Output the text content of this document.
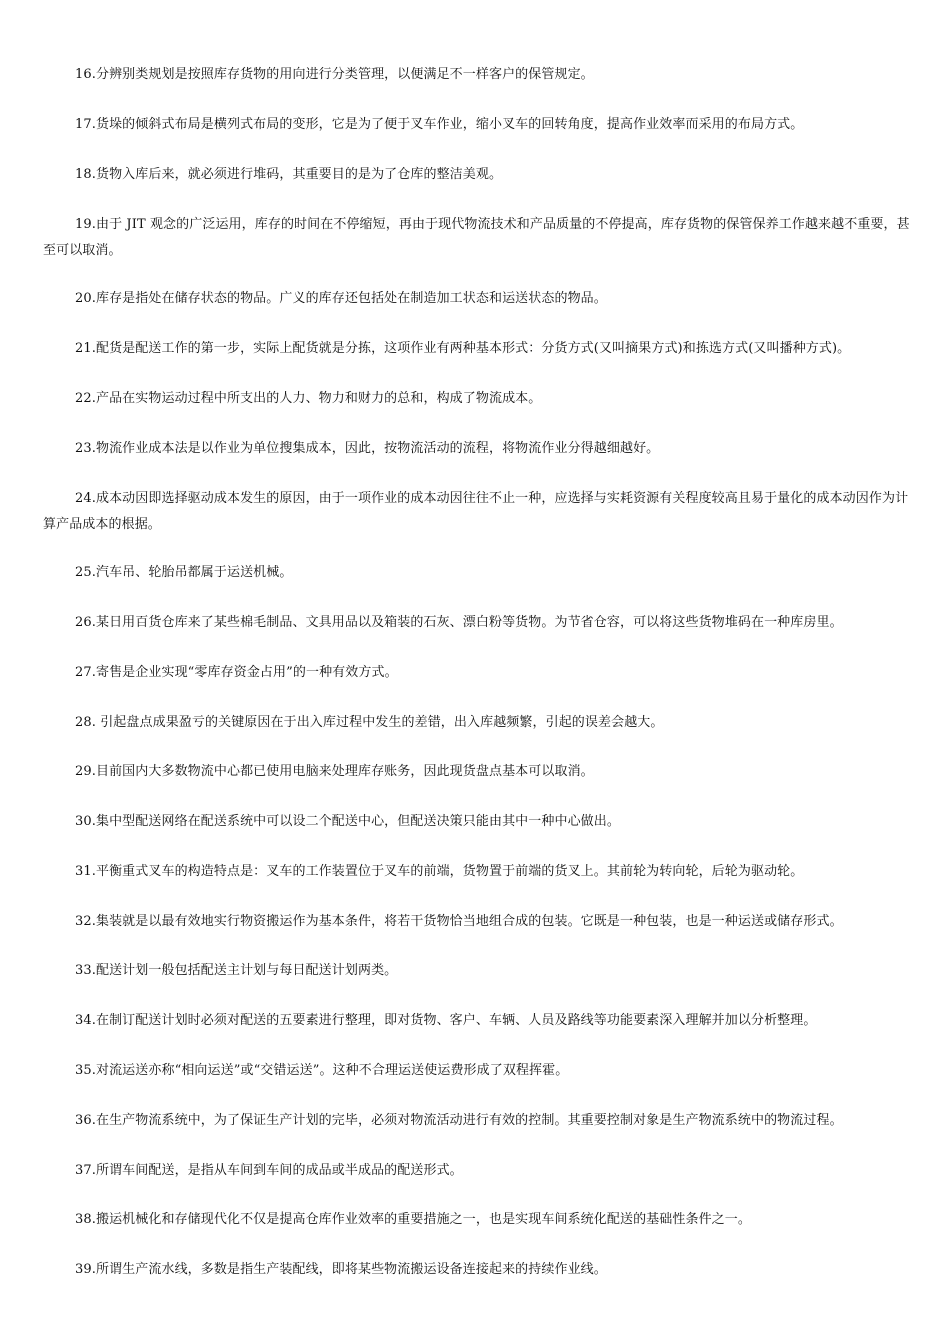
16.分辨别类规划是按照库存货物的用向进行分类管理，以便满足不一样客户的保管规定。

17.货垛的倾斜式布局是横列式布局的变形，它是为了便于叉车作业，缩小叉车的回转角度，提高作业效率而采用的布局方式。

18.货物入库后来，就必须进行堆码，其重要目的是为了仓库的整洁美观。

19.由于 JIT 观念的广泛运用，库存的时间在不停缩短，再由于现代物流技术和产品质量的不停提高，库存货物的保管保养工作越来越不重要，甚至可以取消。

20.库存是指处在储存状态的物品。广义的库存还包括处在制造加工状态和运送状态的物品。

21.配货是配送工作的第一步，实际上配货就是分拣，这项作业有两种基本形式：分货方式(又叫摘果方式)和拣选方式(又叫播种方式)。

22.产品在实物运动过程中所支出的人力、物力和财力的总和，构成了物流成本。

23.物流作业成本法是以作业为单位搜集成本，因此，按物流活动的流程，将物流作业分得越细越好。

24.成本动因即选择驱动成本发生的原因，由于一项作业的成本动因往往不止一种，应选择与实耗资源有关程度较高且易于量化的成本动因作为计算产品成本的根据。

25.汽车吊、轮胎吊都属于运送机械。

26.某日用百货仓库来了某些棉毛制品、文具用品以及箱装的石灰、漂白粉等货物。为节省仓容，可以将这些货物堆码在一种库房里。

27.寄售是企业实现“零库存资金占用”的一种有效方式。

28. 引起盘点成果盈亏的关键原因在于出入库过程中发生的差错，出入库越频繁，引起的误差会越大。

29.目前国内大多数物流中心都已使用电脑来处理库存账务，因此现货盘点基本可以取消。

30.集中型配送网络在配送系统中可以设二个配送中心，但配送决策只能由其中一种中心做出。

31.平衡重式叉车的构造特点是：叉车的工作装置位于叉车的前端，货物置于前端的货叉上。其前轮为转向轮，后轮为驱动轮。

32.集装就是以最有效地实行物资搬运作为基本条件，将若干货物恰当地组合成的包装。它既是一种包装，也是一种运送或储存形式。

33.配送计划一般包括配送主计划与每日配送计划两类。

34.在制订配送计划时必须对配送的五要素进行整理，即对货物、客户、车辆、人员及路线等功能要素深入理解并加以分析整理。

35.对流运送亦称“相向运送”或“交错运送”。这种不合理运送使运费形成了双程挥霍。

36.在生产物流系统中，为了保证生产计划的完毕，必须对物流活动进行有效的控制。其重要控制对象是生产物流系统中的物流过程。

37.所谓车间配送，是指从车间到车间的成品或半成品的配送形式。

38.搬运机械化和存储现代化不仅是提高仓库作业效率的重要措施之一，也是实现车间系统化配送的基础性条件之一。

39.所谓生产流水线，多数是指生产装配线，即将某些物流搬运设备连接起来的持续作业线。
